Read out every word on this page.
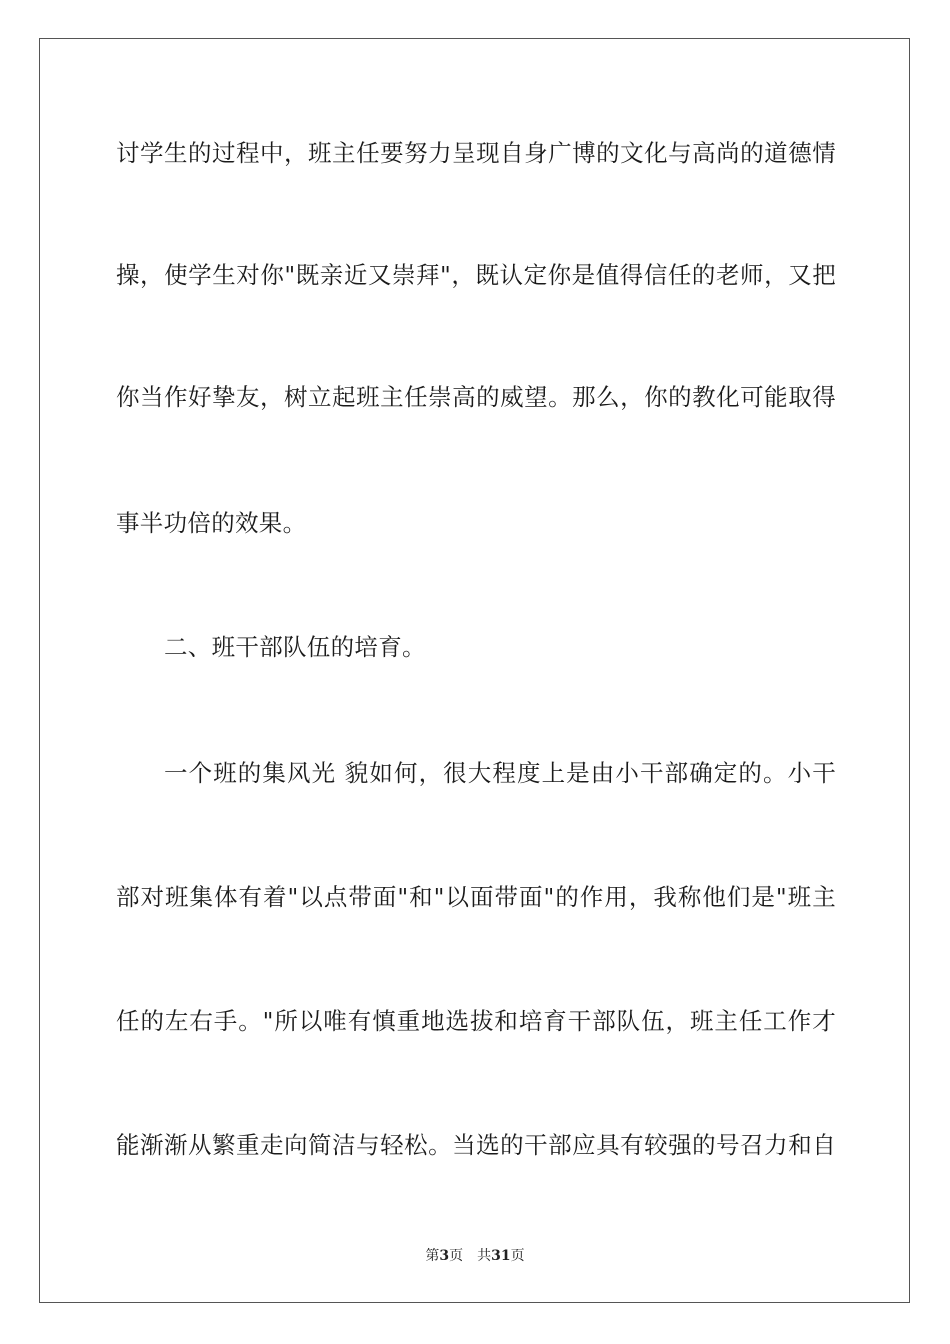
讨学生的过程中，班主任要努力呈现自身广博的文化与高尚的道德情
操，使学生对你"既亲近又崇拜"，既认定你是值得信任的老师，又把
你当作好挚友，树立起班主任崇高的威望。那么，你的教化可能取得
事半功倍的效果。
二、班干部队伍的培育。
一个班的集风光 貌如何，很大程度上是由小干部确定的。小干
部对班集体有着"以点带面"和"以面带面"的作用，我称他们是"班主
任的左右手。"所以唯有慎重地选拔和培育干部队伍，班主任工作才
能渐渐从繁重走向简洁与轻松。当选的干部应具有较强的号召力和自
第3页 共31页
